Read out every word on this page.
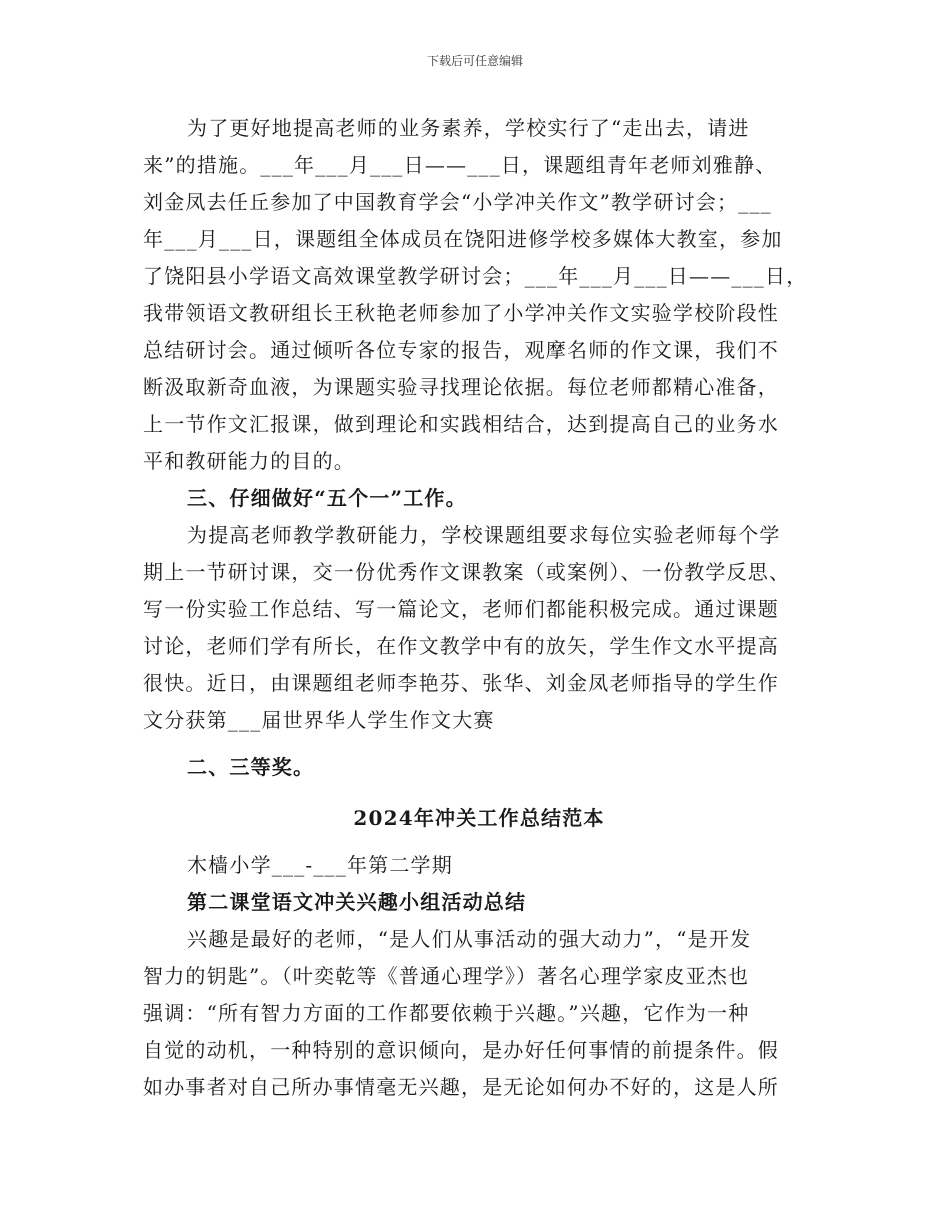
下载后可任意编辑
为了更好地提高老师的业务素养，学校实行了“走出去，请进
来”的措施。___年___月___日——___日，课题组青年老师刘雅静、
刘金凤去任丘参加了中国教育学会“小学冲关作文”教学研讨会；___
年___月___日，课题组全体成员在饶阳进修学校多媒体大教室，参加
了饶阳县小学语文高效课堂教学研讨会；___年___月___日——___日，
我带领语文教研组长王秋艳老师参加了小学冲关作文实验学校阶段性
总结研讨会。通过倾听各位专家的报告，观摩名师的作文课，我们不
断汲取新奇血液，为课题实验寻找理论依据。每位老师都精心准备，
上一节作文汇报课，做到理论和实践相结合，达到提高自己的业务水
平和教研能力的目的。
三、仔细做好“五个一”工作。
为提高老师教学教研能力，学校课题组要求每位实验老师每个学
期上一节研讨课，交一份优秀作文课教案（或案例）、一份教学反思、
写一份实验工作总结、写一篇论文，老师们都能积极完成。通过课题
讨论，老师们学有所长，在作文教学中有的放矢，学生作文水平提高
很快。近日，由课题组老师李艳芬、张华、刘金凤老师指导的学生作
文分获第___届世界华人学生作文大赛
二、三等奖。
2024年冲关工作总结范本
木樯小学___-___年第二学期
第二课堂语文冲关兴趣小组活动总结
兴趣是最好的老师，“是人们从事活动的强大动力”，“是开发
智力的钥匙”。（叶奕乾等《普通心理学》）著名心理学家皮亚杰也
强调：“所有智力方面的工作都要依赖于兴趣。”兴趣，它作为一种
自觉的动机，一种特别的意识倾向，是办好任何事情的前提条件。假
如办事者对自己所办事情毫无兴趣，是无论如何办不好的，这是人所
